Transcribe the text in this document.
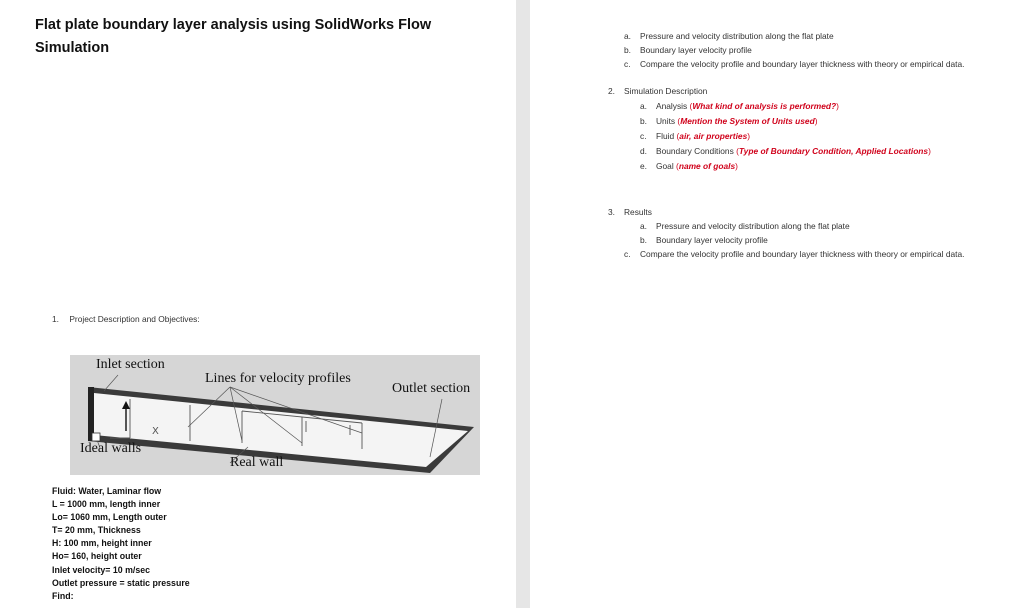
Flat plate boundary layer analysis using SolidWorks Flow Simulation
1. Project Description and Objectives:
X
Inlet section
Lines for velocity profiles
Outlet section
Ideal walls
Real wall
Fluid: Water, Laminar flow
L = 1000 mm, length inner
Lo= 1060 mm, Length outer
T= 20 mm, Thickness
H: 100 mm, height inner
Ho= 160, height outer
Inlet velocity= 10 m/sec
Outlet pressure = static pressure
Find:
a. Pressure and velocity distribution along the flat plate
b. Boundary layer velocity profile
c. Compare the velocity profile and boundary layer thickness with theory or empirical data.
2. Simulation Description
a. Analysis (What kind of analysis is performed?)
b. Units (Mention the System of Units used)
c. Fluid (air, air properties)
d. Boundary Conditions (Type of Boundary Condition, Applied Locations)
e. Goal (name of goals)
3. Results
a. Pressure and velocity distribution along the flat plate
b. Boundary layer velocity profile
c. Compare the velocity profile and boundary layer thickness with theory or empirical data.
